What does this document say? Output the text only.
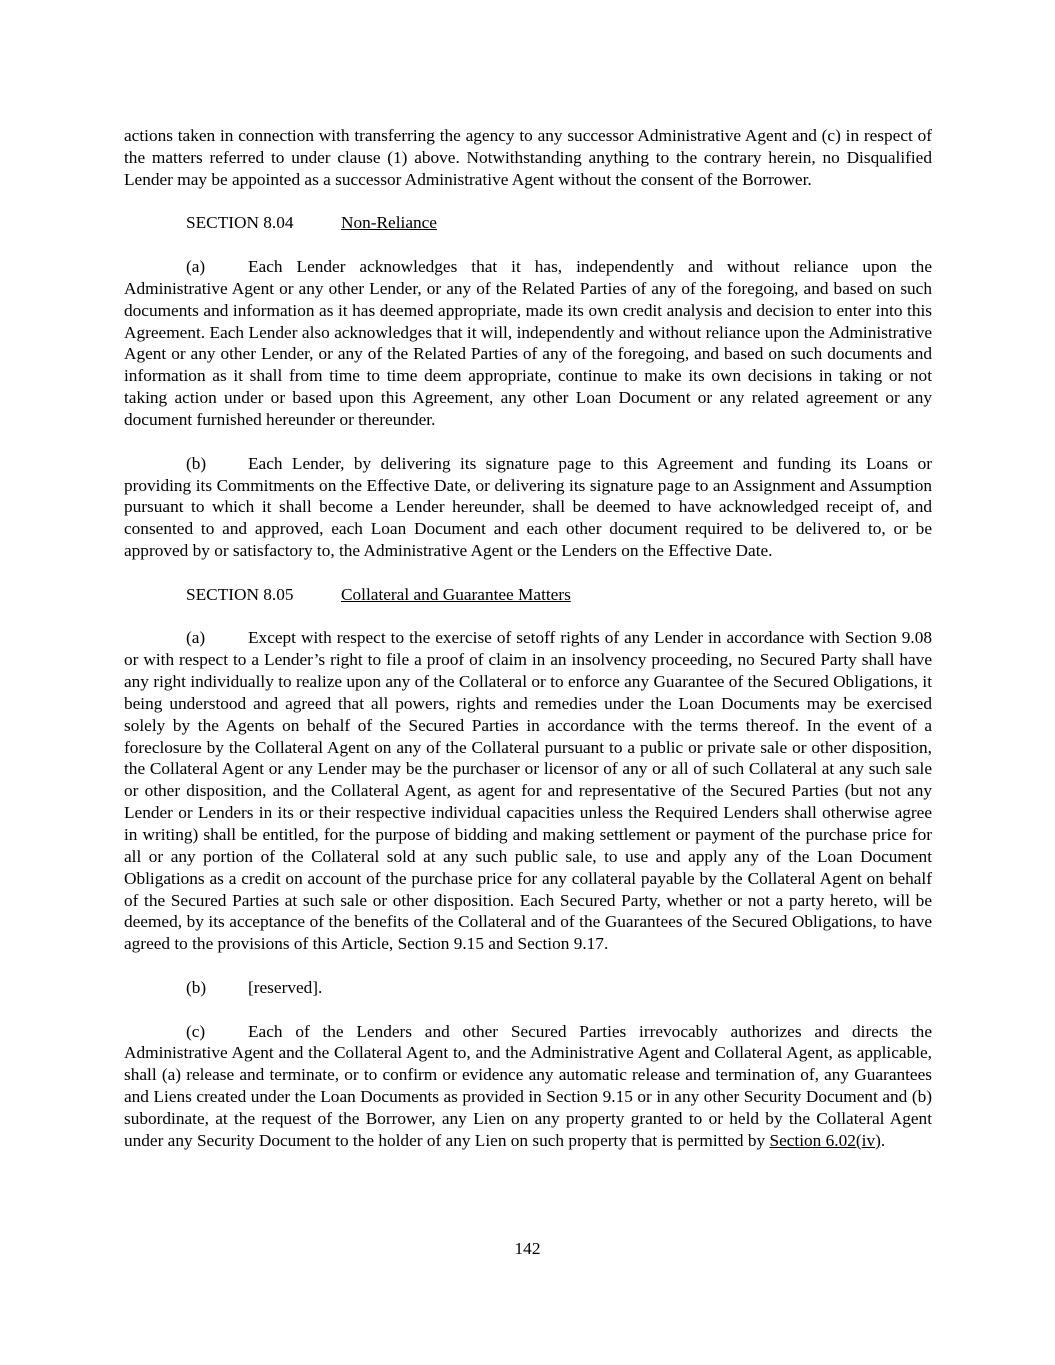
actions taken in connection with transferring the agency to any successor Administrative Agent and (c) in respect of the matters referred to under clause (1) above. Notwithstanding anything to the contrary herein, no Disqualified Lender may be appointed as a successor Administrative Agent without the consent of the Borrower.

SECTION 8.04	Non-Reliance

(a) Each Lender acknowledges that it has, independently and without reliance upon the Administrative Agent or any other Lender, or any of the Related Parties of any of the foregoing, and based on such documents and information as it has deemed appropriate, made its own credit analysis and decision to enter into this Agreement. Each Lender also acknowledges that it will, independently and without reliance upon the Administrative Agent or any other Lender, or any of the Related Parties of any of the foregoing, and based on such documents and information as it shall from time to time deem appropriate, continue to make its own decisions in taking or not taking action under or based upon this Agreement, any other Loan Document or any related agreement or any document furnished hereunder or thereunder.

(b) Each Lender, by delivering its signature page to this Agreement and funding its Loans or providing its Commitments on the Effective Date, or delivering its signature page to an Assignment and Assumption pursuant to which it shall become a Lender hereunder, shall be deemed to have acknowledged receipt of, and consented to and approved, each Loan Document and each other document required to be delivered to, or be approved by or satisfactory to, the Administrative Agent or the Lenders on the Effective Date.

SECTION 8.05	Collateral and Guarantee Matters

(a) Except with respect to the exercise of setoff rights of any Lender in accordance with Section 9.08 or with respect to a Lender’s right to file a proof of claim in an insolvency proceeding, no Secured Party shall have any right individually to realize upon any of the Collateral or to enforce any Guarantee of the Secured Obligations, it being understood and agreed that all powers, rights and remedies under the Loan Documents may be exercised solely by the Agents on behalf of the Secured Parties in accordance with the terms thereof. In the event of a foreclosure by the Collateral Agent on any of the Collateral pursuant to a public or private sale or other disposition, the Collateral Agent or any Lender may be the purchaser or licensor of any or all of such Collateral at any such sale or other disposition, and the Collateral Agent, as agent for and representative of the Secured Parties (but not any Lender or Lenders in its or their respective individual capacities unless the Required Lenders shall otherwise agree in writing) shall be entitled, for the purpose of bidding and making settlement or payment of the purchase price for all or any portion of the Collateral sold at any such public sale, to use and apply any of the Loan Document Obligations as a credit on account of the purchase price for any collateral payable by the Collateral Agent on behalf of the Secured Parties at such sale or other disposition. Each Secured Party, whether or not a party hereto, will be deemed, by its acceptance of the benefits of the Collateral and of the Guarantees of the Secured Obligations, to have agreed to the provisions of this Article, Section 9.15 and Section 9.17.

(b) [reserved].

(c) Each of the Lenders and other Secured Parties irrevocably authorizes and directs the Administrative Agent and the Collateral Agent to, and the Administrative Agent and Collateral Agent, as applicable, shall (a) release and terminate, or to confirm or evidence any automatic release and termination of, any Guarantees and Liens created under the Loan Documents as provided in Section 9.15 or in any other Security Document and (b) subordinate, at the request of the Borrower, any Lien on any property granted to or held by the Collateral Agent under any Security Document to the holder of any Lien on such property that is permitted by Section 6.02(iv).

142
